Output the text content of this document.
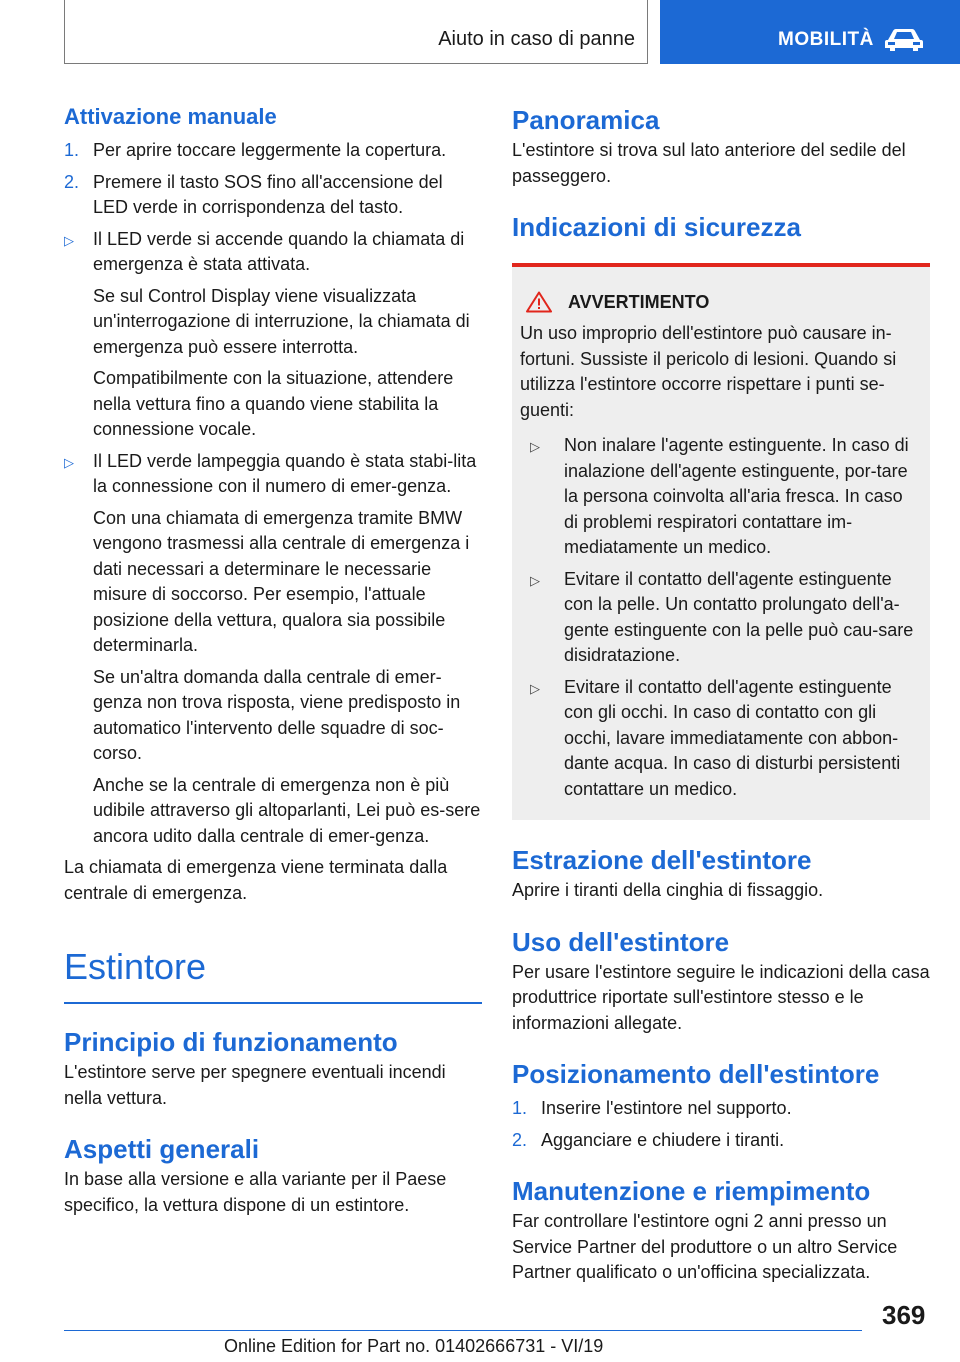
Aiuto in caso di panne	MOBILITÀ
Attivazione manuale
1. Per aprire toccare leggermente la copertura.
2. Premere il tasto SOS fino all'accensione del LED verde in corrispondenza del tasto.
▷	Il LED verde si accende quando la chiamata di emergenza è stata attivata.

Se sul Control Display viene visualizzata un'interrogazione di interruzione, la chiamata di emergenza può essere interrotta.

Compatibilmente con la situazione, attendere nella vettura fino a quando viene stabilita la connessione vocale.

▷	Il LED verde lampeggia quando è stata stabi-lita la connessione con il numero di emer-genza.

Con una chiamata di emergenza tramite BMW vengono trasmessi alla centrale di emergenza i dati necessari a determinare le necessarie misure di soccorso. Per esempio, l'attuale posizione della vettura, qualora sia possibile determinarla.

Se un'altra domanda dalla centrale di emer-genza non trova risposta, viene predisposto in automatico l'intervento delle squadre di soc-corso.

Anche se la centrale di emergenza non è più udibile attraverso gli altoparlanti, Lei può es-sere ancora udito dalla centrale di emer-genza.

La chiamata di emergenza viene terminata dalla centrale di emergenza.

Estintore
Principio di funzionamento

L'estintore serve per spegnere eventuali incendi nella vettura.

Aspetti generali

In base alla versione e alla variante per il Paese specifico, la vettura dispone di un estintore.

Panoramica

L'estintore si trova sul lato anteriore del sedile del passeggero.

Indicazioni di sicurezza
AVVERTIMENTO

Un uso improprio dell'estintore può causare in-fortuni. Sussiste il pericolo di lesioni. Quando si utilizza l'estintore occorre rispettare i punti se-guenti:

▷	Non inalare l'agente estinguente. In caso di inalazione dell'agente estinguente, por-tare la persona coinvolta all'aria fresca. In caso di problemi respiratori contattare im-mediatamente un medico.
▷	Evitare il contatto dell'agente estinguente con la pelle. Un contatto prolungato dell'a-gente estinguente con la pelle può cau-sare disidratazione.
▷	Evitare il contatto dell'agente estinguente con gli occhi. In caso di contatto con gli occhi, lavare immediatamente con abbon-dante acqua. In caso di disturbi persistenti contattare un medico.
Estrazione dell'estintore

Aprire i tiranti della cinghia di fissaggio.

Uso dell'estintore

Per usare l'estintore seguire le indicazioni della casa produttrice riportate sull'estintore stesso e le informazioni allegate.

Posizionamento dell'estintore
1. Inserire l'estintore nel supporto.
2. Agganciare e chiudere i tiranti.
Manutenzione e riempimento

Far controllare l'estintore ogni 2 anni presso un Service Partner del produttore o un altro Service Partner qualificato o un'officina specializzata.

369
Online Edition for Part no. 01402666731 - VI/19
